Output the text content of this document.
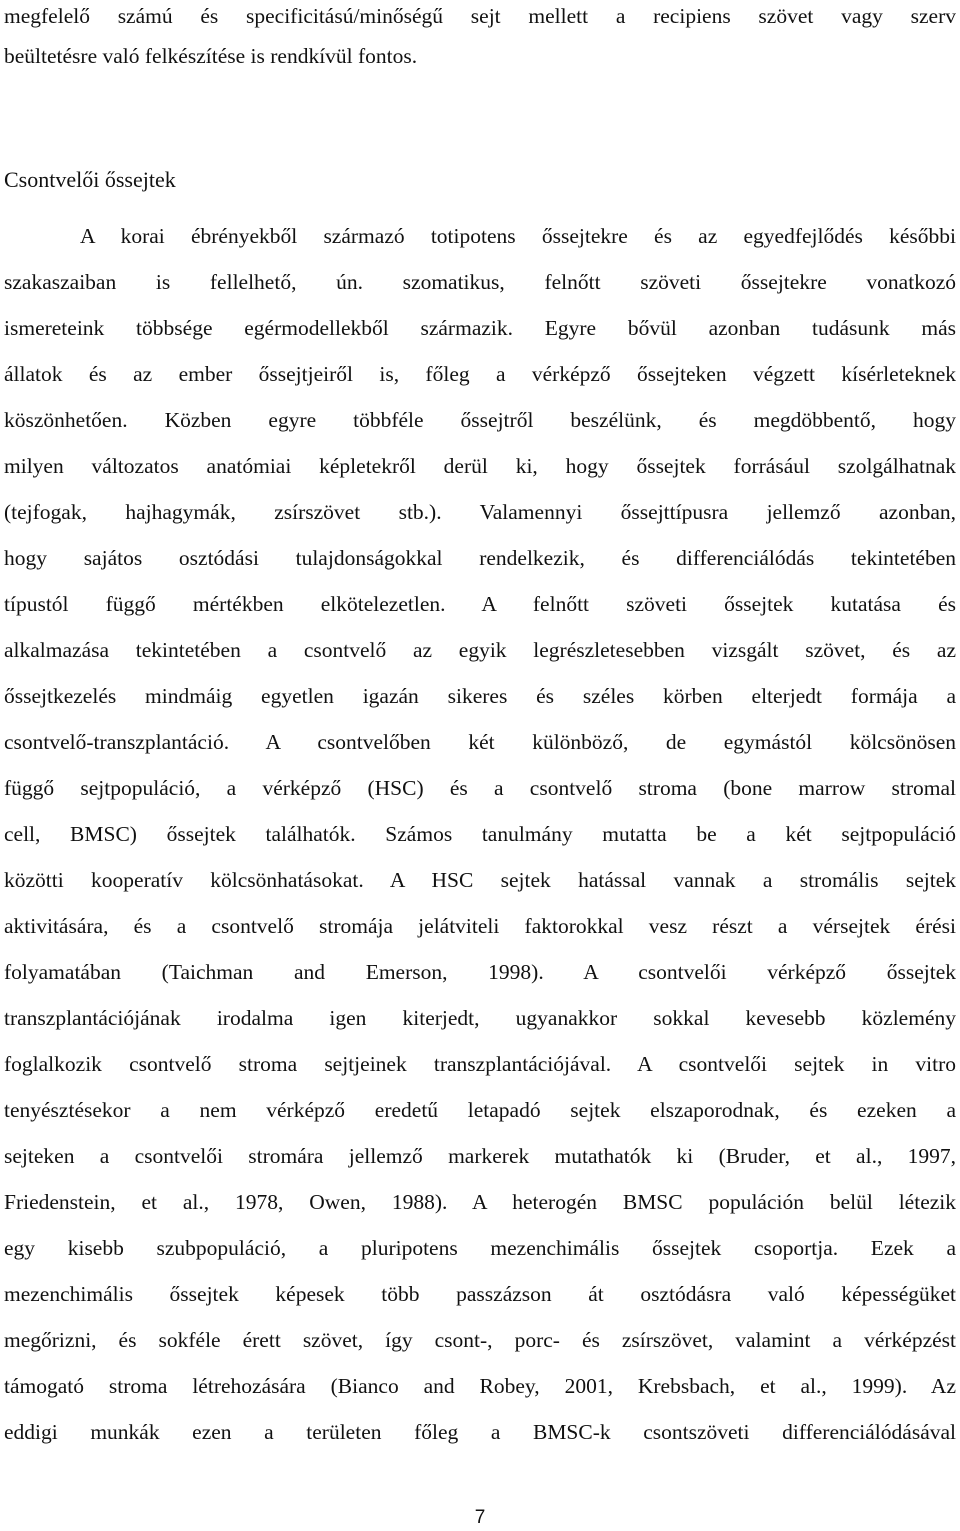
megfelelő számú és specificitású/minőségű sejt mellett a recipiens szövet vagy szerv
beültetésre való felkészítése is rendkívül fontos.
Csontvelői őssejtek
A korai ébrényekből származó totipotens őssejtekre és az egyedfejlődés későbbi
szakaszaiban is fellelhető, ún. szomatikus, felnőtt szöveti őssejtekre vonatkozó
ismereteink többsége egérmodellekből származik. Egyre bővül azonban tudásunk más
állatok és az ember őssejtjeiről is, főleg a vérképző őssejteken végzett kísérleteknek
köszönhetően. Közben egyre többféle őssejtről beszélünk, és megdöbbentő, hogy
milyen változatos anatómiai képletekről derül ki, hogy őssejtek forrásául szolgálhatnak
(tejfogak, hajhagymák, zsírszövet stb.). Valamennyi őssejttípusra jellemző azonban,
hogy sajátos osztódási tulajdonságokkal rendelkezik, és differenciálódás tekintetében
típustól függő mértékben elkötelezetlen. A felnőtt szöveti őssejtek kutatása és
alkalmazása tekintetében a csontvelő az egyik legrészletesebben vizsgált szövet, és az
őssejtkezelés mindmáig egyetlen igazán sikeres és széles körben elterjedt formája a
csontvelő-transzplantáció. A csontvelőben két különböző, de egymástól kölcsönösen
függő sejtpopuláció, a vérképző (HSC) és a csontvelő stroma (bone marrow stromal
cell, BMSC) őssejtek találhatók. Számos tanulmány mutatta be a két sejtpopuláció
közötti kooperatív kölcsönhatásokat. A HSC sejtek hatással vannak a stromális sejtek
aktivitására, és a csontvelő stromája jelátviteli faktorokkal vesz részt a vérsejtek érési
folyamatában (Taichman and Emerson, 1998). A csontvelői vérképző őssejtek
transzplantációjának irodalma igen kiterjedt, ugyanakkor sokkal kevesebb közlemény
foglalkozik csontvelő stroma sejtjeinek transzplantációjával. A csontvelői sejtek in vitro
tenyésztésekor a nem vérképző eredetű letapadó sejtek elszaporodnak, és ezeken a
sejteken a csontvelői stromára jellemző markerek mutathatók ki (Bruder, et al., 1997,
Friedenstein, et al., 1978, Owen, 1988). A heterogén BMSC populáción belül létezik
egy kisebb szubpopuláció, a pluripotens mezenchimális őssejtek csoportja. Ezek a
mezenchimális őssejtek képesek több passzázson át osztódásra való képességüket
megőrizni, és sokféle érett szövet, így csont-, porc- és zsírszövet, valamint a vérképzést
támogató stroma létrehozására (Bianco and Robey, 2001, Krebsbach, et al., 1999). Az
eddigi munkák ezen a területen főleg a BMSC-k csontszöveti differenciálódásával
7
